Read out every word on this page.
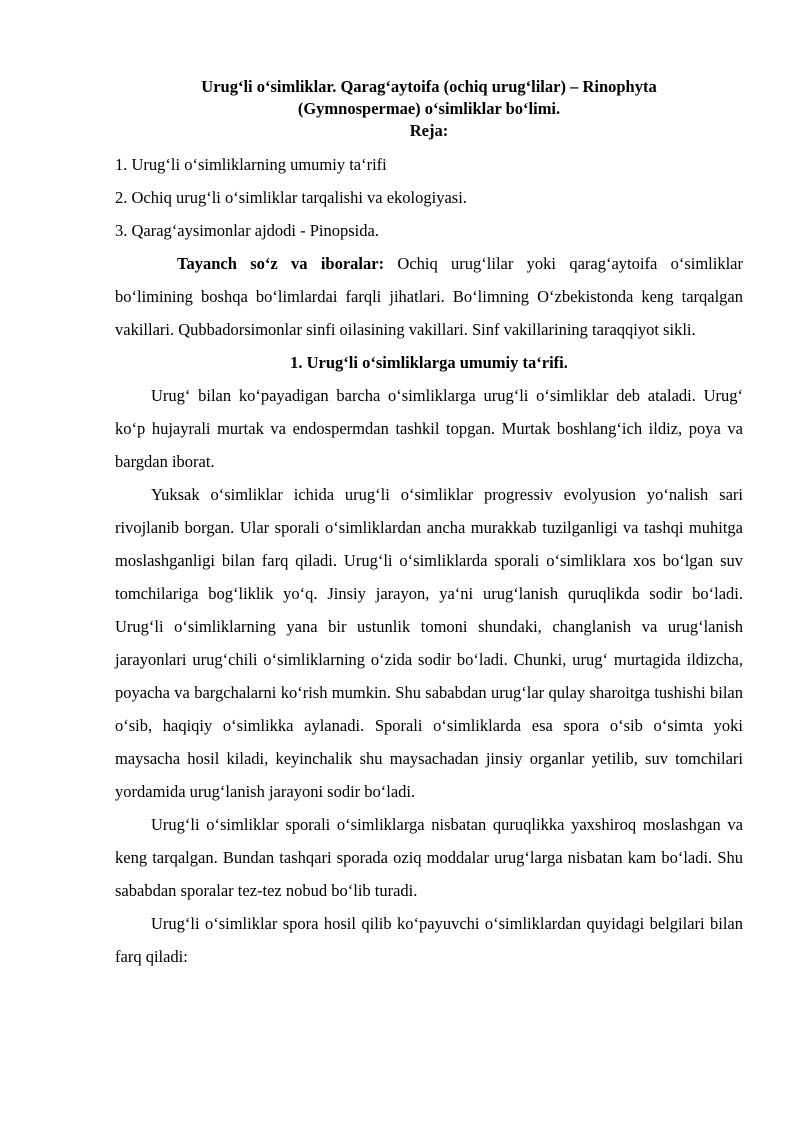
Urug‘li o‘simliklar. Qarag‘aytoifa (ochiq urug‘lilar) – Rinophyta
(Gymnospermae) o‘simliklar bo‘limi.

Reja:

1. Urug‘li o‘simliklarning umumiy ta‘rifi
2. Ochiq urug‘li o‘simliklar tarqalishi va ekologiyasi.
3. Qarag‘aysimonlar ajdodi - Pinopsida.

Tayanch so‘z va iboralar: Ochiq urug‘lilar yoki qarag‘aytoifa o‘simliklar bo‘limining boshqa bo‘limlardai farqli jihatlari. Bo‘limning O‘zbekistonda keng tarqalgan vakillari. Qubbadorsimonlar sinfi oilasining vakillari. Sinf vakillarining taraqqiyot sikli.

1. Urug‘li o‘simliklarga umumiy ta‘rifi.

Urug‘ bilan ko‘payadigan barcha o‘simliklarga urug‘li o‘simliklar deb ataladi. Urug‘ ko‘p hujayrali murtak va endospermdan tashkil topgan. Murtak boshlang‘ich ildiz, poya va bargdan iborat.

Yuksak o‘simliklar ichida urug‘li o‘simliklar progressiv evolyusion yo‘nalish sari rivojlanib borgan. Ular sporali o‘simliklardan ancha murakkab tuzilganligi va tashqi muhitga moslashganligi bilan farq qiladi. Urug‘li o‘simliklarda sporali o‘simliklara xos bo‘lgan suv tomchilariga bog‘liklik yo‘q. Jinsiy jarayon, ya‘ni urug‘lanish quruqlikda sodir bo‘ladi. Urug‘li o‘simliklarning yana bir ustunlik tomoni shundaki, changlanish va urug‘lanish jarayonlari urug‘chili o‘simliklarning o‘zida sodir bo‘ladi. Chunki, urug‘ murtagida ildizcha, poyacha va bargchalarni ko‘rish mumkin. Shu sababdan urug‘lar qulay sharoitga tushishi bilan o‘sib, haqiqiy o‘simlikka aylanadi. Sporali o‘simliklarda esa spora o‘sib o‘simta yoki maysacha hosil kiladi, keyinchalik shu maysachadan jinsiy organlar yetilib, suv tomchilari yordamida urug‘lanish jarayoni sodir bo‘ladi.

Urug‘li o‘simliklar sporali o‘simliklarga nisbatan quruqlikka yaxshiroq moslashgan va keng tarqalgan. Bundan tashqari sporada oziq moddalar urug‘larga nisbatan kam bo‘ladi. Shu sababdan sporalar tez-tez nobud bo‘lib turadi.

Urug‘li o‘simliklar spora hosil qilib ko‘payuvchi o‘simliklardan quyidagi belgilari bilan farq qiladi:
